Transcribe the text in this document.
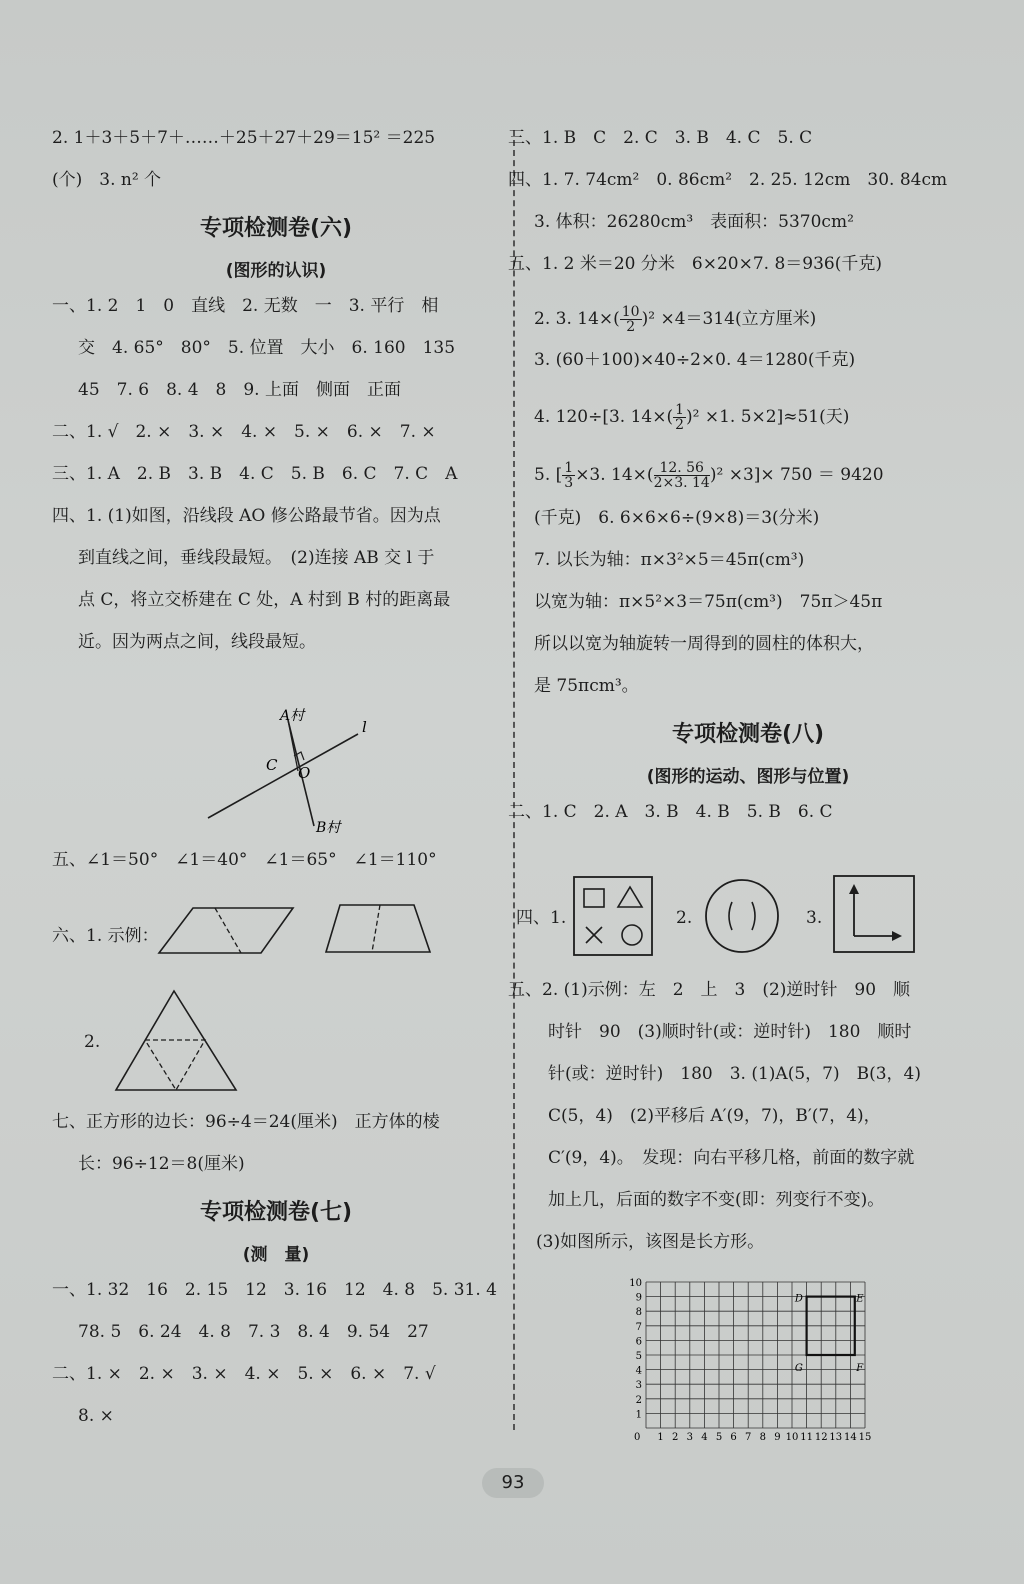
2. 1＋3＋5＋7＋……＋25＋27＋29＝15² ＝225
(个)　3. n² 个
专项检测卷(六)
(图形的认识)
一、1. 2　1　0　直线　2. 无数　一　3. 平行　相
交　4. 65°　80°　5. 位置　大小　6. 160　135
45　7. 6　8. 4　8　9. 上面　侧面　正面
二、1. √　2. ×　3. ×　4. ×　5. ×　6. ×　7. ×
三、1. A　2. B　3. B　4. C　5. B　6. C　7. C　A
四、1. (1)如图，沿线段 AO 修公路最节省。因为点
到直线之间，垂线段最短。　(2)连接 AB 交 l 于
点 C，将立交桥建在 C 处，A 村到 B 村的距离最
近。因为两点之间，线段最短。
A村
B村
l
C O
五、∠1＝50°　∠1＝40°　∠1＝65°　∠1＝110°
六、1. 示例：
2.
七、正方形的边长：96÷4＝24(厘米)　正方体的棱
长：96÷12＝8(厘米)
专项检测卷(七)
(测　量)
一、1. 32　16　2. 15　12　3. 16　12　4. 8　5. 31. 4
78. 5　6. 24　4. 8　7. 3　8. 4　9. 54　27
二、1. ×　2. ×　3. ×　4. ×　5. ×　6. ×　7. √
8. ×
三、1. B　C　2. C　3. B　4. C　5. C
四、1. 7. 74cm²　0. 86cm²　2. 25. 12cm　30. 84cm
3. 体积：26280cm³　表面积：5370cm²
五、1. 2 米＝20 分米　6×20×7. 8＝936(千克)
2. 3. $14\times( \frac{10}{2} )^2 \times 4=314$(立方厘米)
3. (60＋100)×40÷2×0. 4＝1280(千克)
4. 120÷[3. $14\times( \frac{1}{2} )^2 \times 1$. 5×2]≈51(天)
5. [ $\frac{1}{3} \times 3$. $14\times( \frac{12. 56}{2\times 3. 14} )^2 \times 3]\times 750 = 9420$
(千克)　6. 6×6×6÷(9×8)＝3(分米)
7. 以长为轴：π×3²×5＝45π(cm³)
以宽为轴：π×5²×3＝75π(cm³)　75π＞45π
所以以宽为轴旋转一周得到的圆柱的体积大，
是 75πcm³。
专项检测卷(八)
(图形的运动、图形与位置)
二、1. C　2. A　3. B　4. B　5. B　6. C
四、1.	2.	3.
五、2. (1)示例：左　2　上　3　(2)逆时针　90　顺
时针　90　(3)顺时针(或：逆时针)　180　顺时
针(或：逆时针)　180　3. (1)A(5，7)　B(3，4)
C(5，4)　(2)平移后 A′(9，7)，B′(7，4)，
C′(9，4)。　发现：向右平移几格，前面的数字就
加上几，后面的数字不变(即：列变行不变)。
(3)如图所示，该图是长方形。
0 1 2 3 4 5 6 7 8 9 10 11 12 13 14 15
1
2
3
4
5
6
7
8
9
10
D	E
G	F
93
